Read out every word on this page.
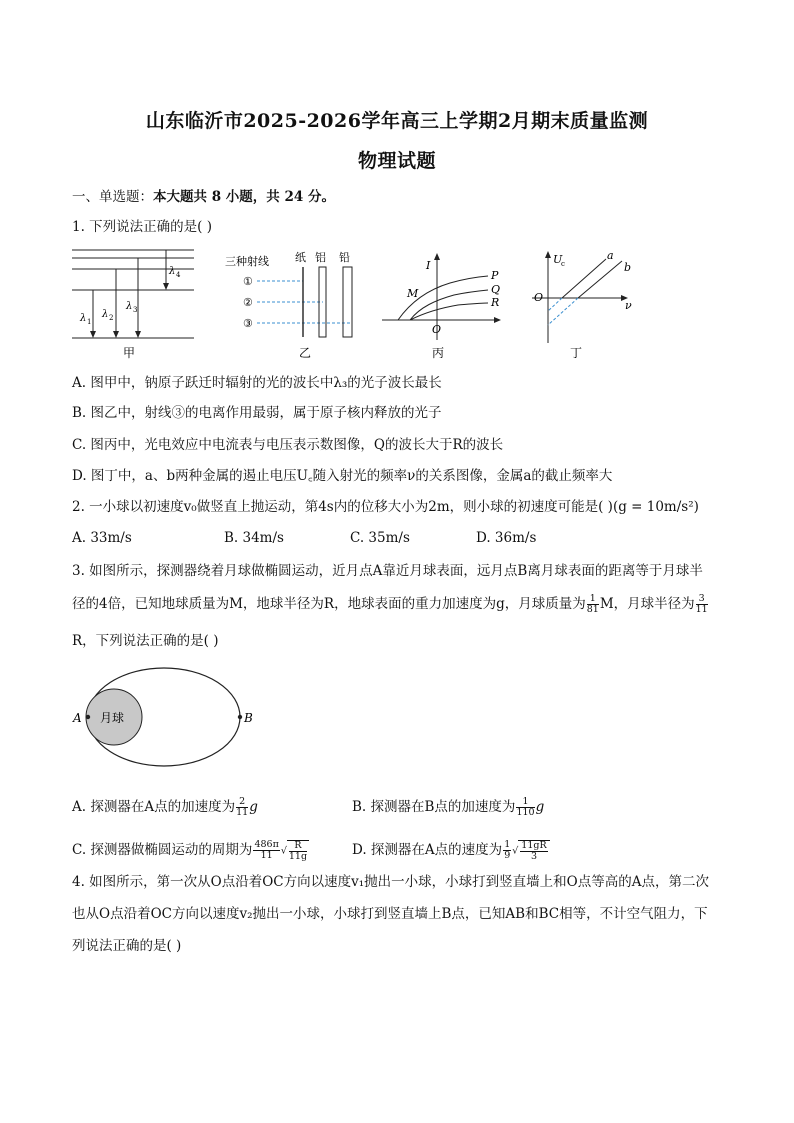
山东临沂市2025-2026学年高三上学期2月期末质量监测
物理试题
一、单选题：本大题共 8 小题，共 24 分。
1. 下列说法正确的是( )
λ 1
λ 2
λ 3
λ 4
甲
三种射线 纸 铝 铅
①
②
③
乙
I
O
P
Q
R
M
丙
U
c
O
ν
a
b
丁
A. 图甲中，钠原子跃迁时辐射的光的波长中λ₃的光子波长最长
B. 图乙中，射线③的电离作用最弱，属于原子核内释放的光子
C. 图丙中，光电效应中电流表与电压表示数图像，Q的波长大于R的波长
D. 图丁中，a、b两种金属的遏止电压U꜀随入射光的频率ν的关系图像，金属a的截止频率大
2. 一小球以初速度v₀做竖直上抛运动，第4s内的位移大小为2m，则小球的初速度可能是( )(g = 10m/s²)
A. 33m/s	B. 34m/s	C. 35m/s	D. 36m/s
3. 如图所示，探测器绕着月球做椭圆运动，近月点A靠近月球表面，远月点B离月球表面的距离等于月球半
径的4倍，已知地球质量为M，地球半径为R，地球表面的重力加速度为g，月球质量为 $\frac{1}{81}$ M，月球半径为 $\frac{3}{11}$
R，下列说法正确的是( )
月球
A	B
A. 探测器在A点的加速度为 $\frac{2}{11}$ g	B. 探测器在B点的加速度为 $\frac{1}{110}$ g
C. 探测器做椭圆运动的周期为 $\frac{486\pi}{11}$ √ $\frac{R}{11g}$	D. 探测器在A点的速度为 $\frac{1}{9}$ √ $\frac{11gR}{3}$
4. 如图所示，第一次从O点沿着OC方向以速度v₁抛出一小球，小球打到竖直墙上和O点等高的A点，第二次
也从O点沿着OC方向以速度v₂抛出一小球，小球打到竖直墙上B点，已知AB和BC相等，不计空气阻力，下
列说法正确的是( )
